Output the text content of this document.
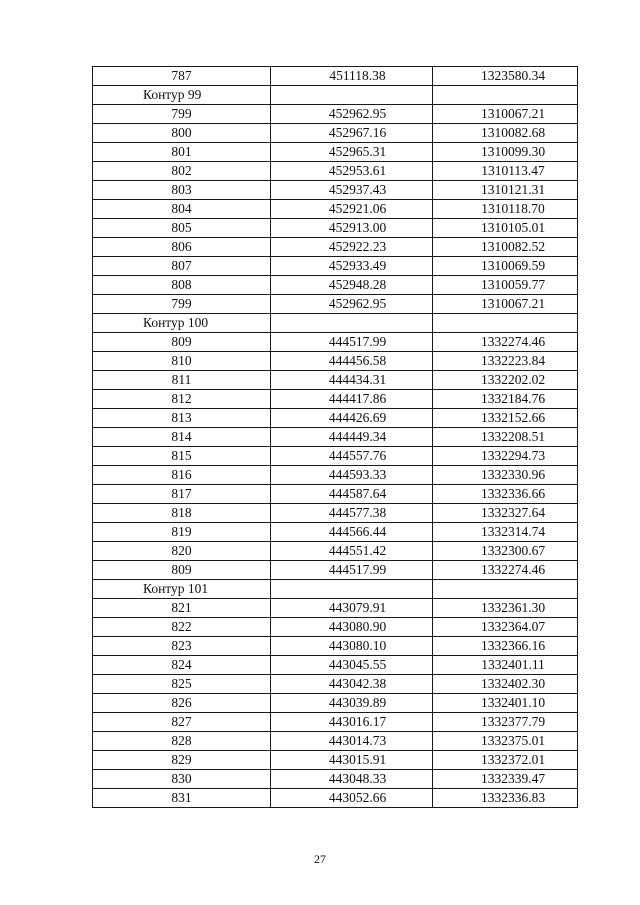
787	451118.38	1323580.34
Контур 99		
799	452962.95	1310067.21
800	452967.16	1310082.68
801	452965.31	1310099.30
802	452953.61	1310113.47
803	452937.43	1310121.31
804	452921.06	1310118.70
805	452913.00	1310105.01
806	452922.23	1310082.52
807	452933.49	1310069.59
808	452948.28	1310059.77
799	452962.95	1310067.21
Контур 100		
809	444517.99	1332274.46
810	444456.58	1332223.84
811	444434.31	1332202.02
812	444417.86	1332184.76
813	444426.69	1332152.66
814	444449.34	1332208.51
815	444557.76	1332294.73
816	444593.33	1332330.96
817	444587.64	1332336.66
818	444577.38	1332327.64
819	444566.44	1332314.74
820	444551.42	1332300.67
809	444517.99	1332274.46
Контур 101		
821	443079.91	1332361.30
822	443080.90	1332364.07
823	443080.10	1332366.16
824	443045.55	1332401.11
825	443042.38	1332402.30
826	443039.89	1332401.10
827	443016.17	1332377.79
828	443014.73	1332375.01
829	443015.91	1332372.01
830	443048.33	1332339.47
831	443052.66	1332336.83
27
